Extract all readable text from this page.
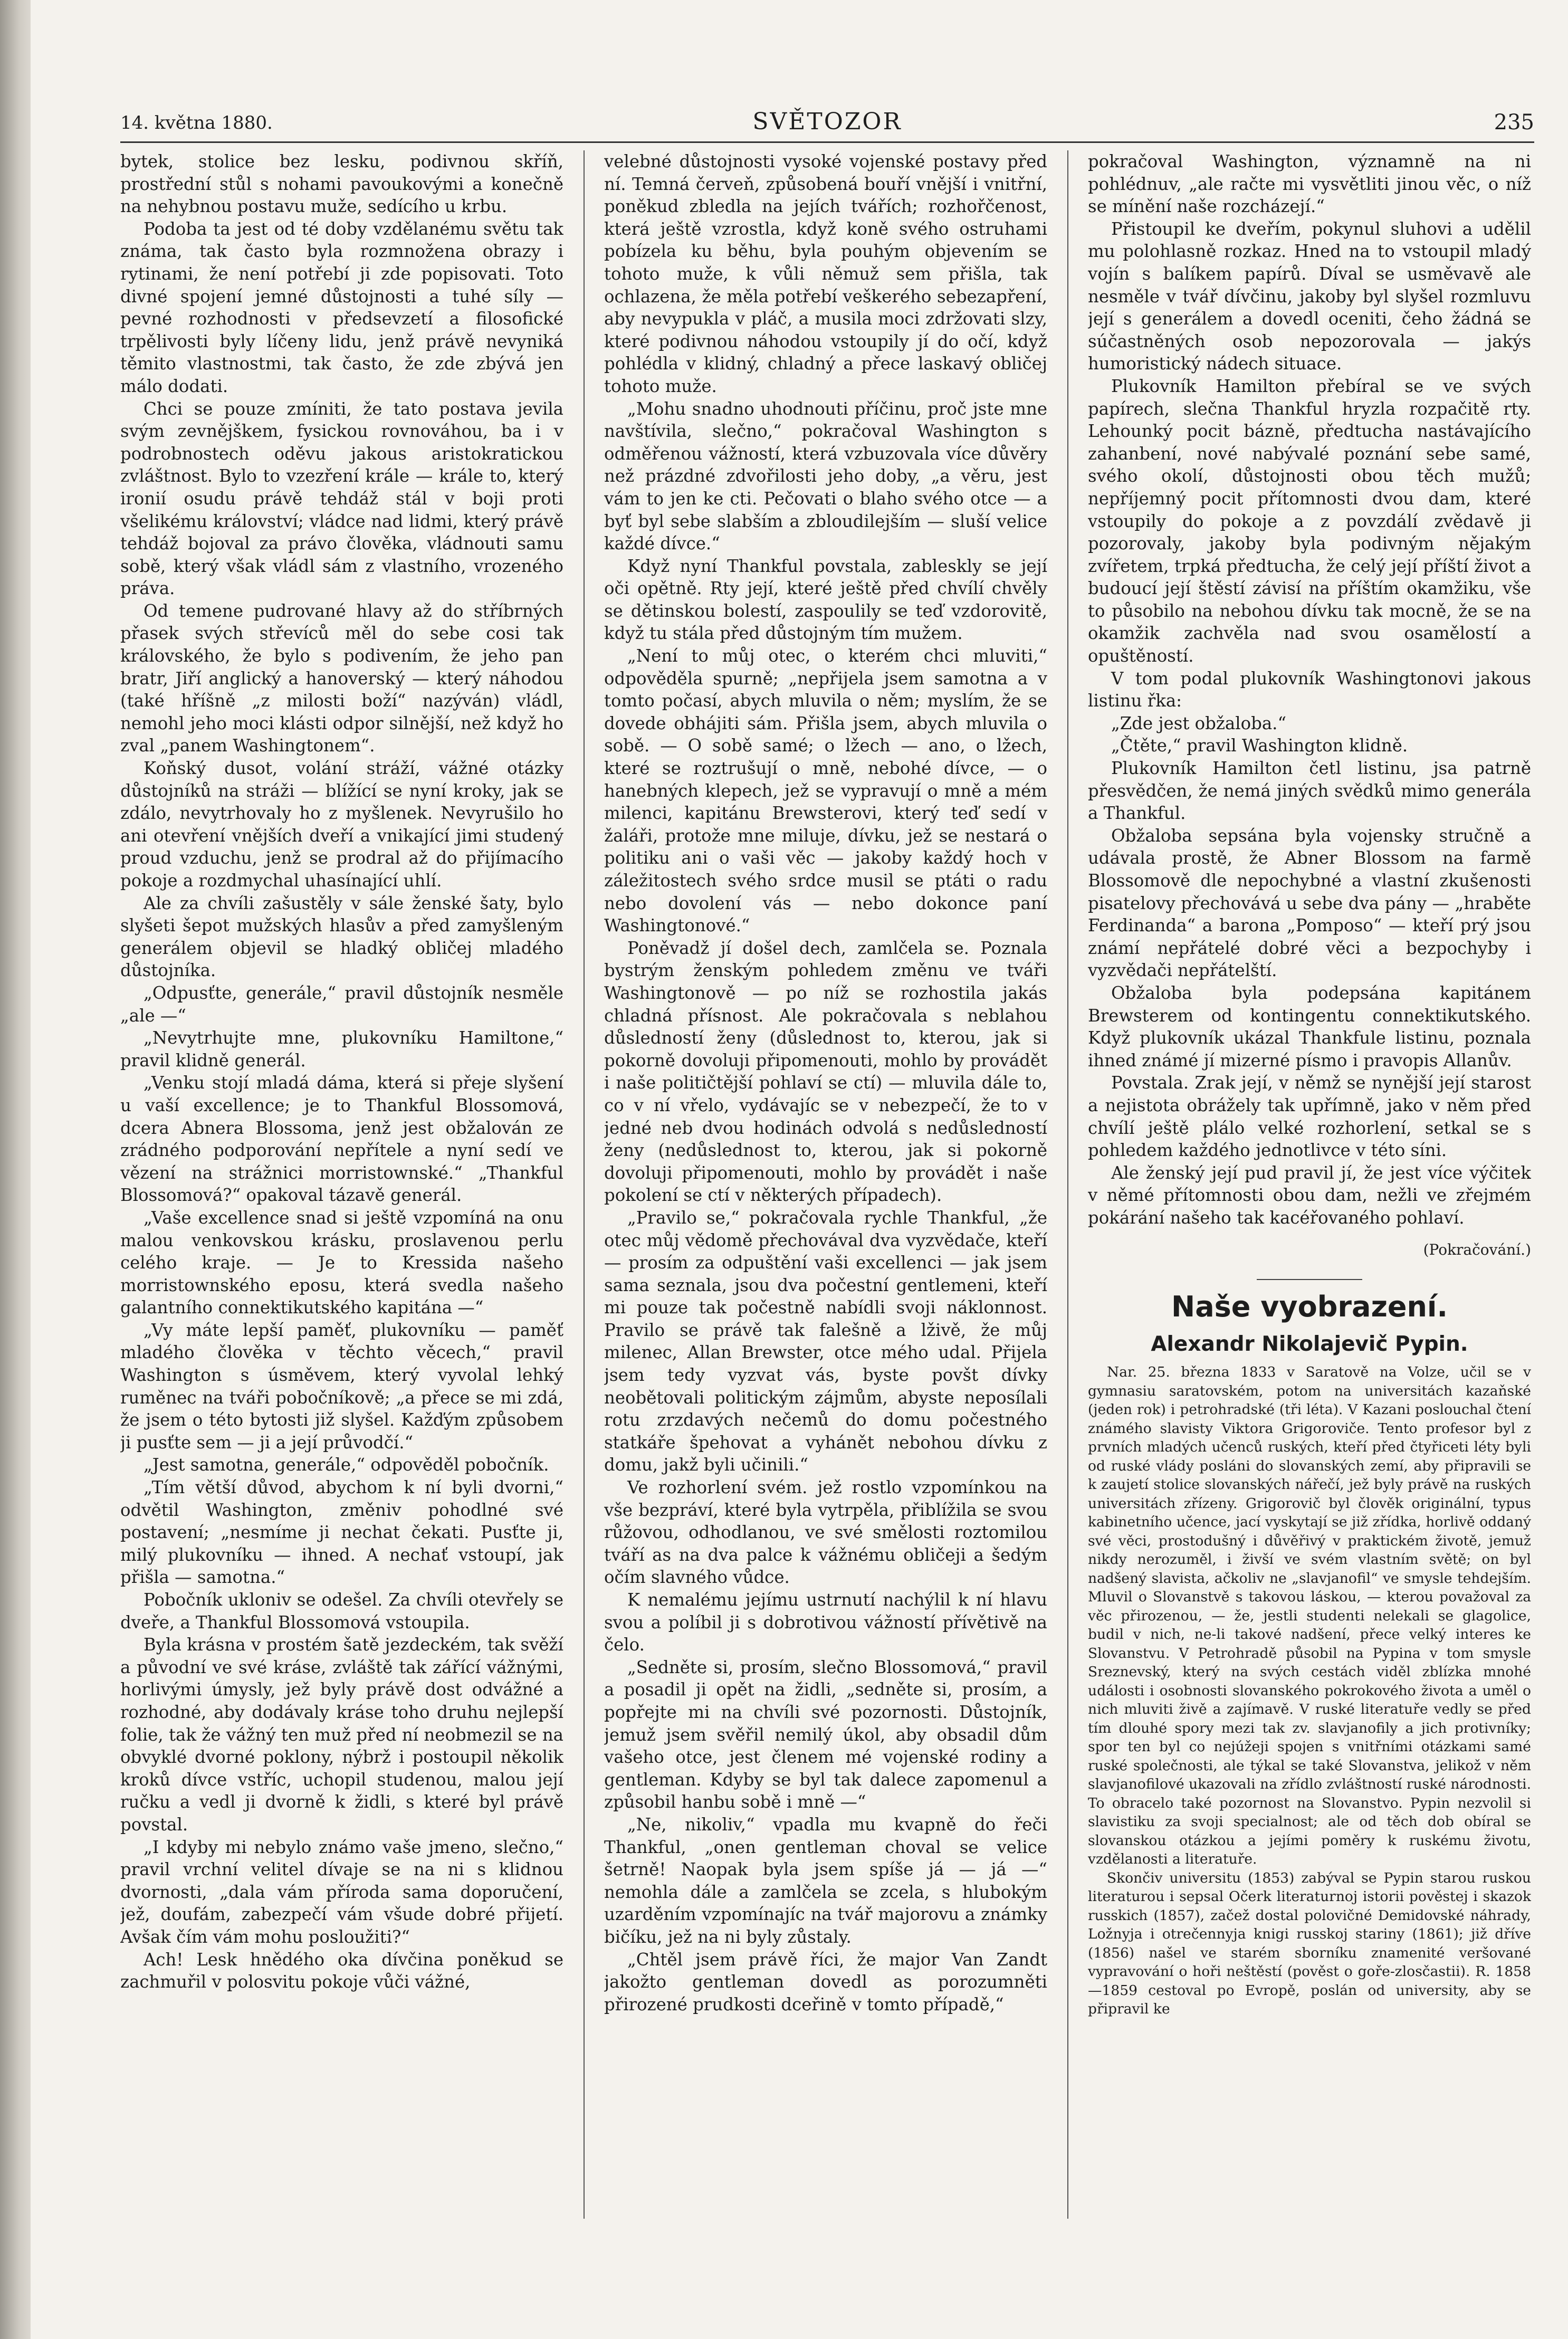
14. května 1880.	SVĚTOZOR	235

bytek, stolice bez lesku, podivnou skříň, prostřední stůl s nohami pavoukovými a konečně na nehybnou postavu muže, sedícího u krbu.

Podoba ta jest od té doby vzdělanému světu tak známa, tak často byla rozmnožena obrazy i rytinami, že není potřebí ji zde popisovati. Toto divné spojení jemné důstojnosti a tuhé síly — pevné rozhodnosti v předsevzetí a filosofické trpělivosti byly líčeny lidu, jenž právě nevyniká těmito vlastnostmi, tak často, že zde zbývá jen málo dodati.

Chci se pouze zmíniti, že tato postava jevila svým zevnějškem, fysickou rovnováhou, ba i v podrobnostech oděvu jakous aristokratickou zvláštnost. Bylo to vzezření krále — krále to, který ironií osudu právě tehdáž stál v boji proti všelikému království; vládce nad lidmi, který právě tehdáž bojoval za právo člověka, vládnouti samu sobě, který však vládl sám z vlastního, vrozeného práva.

Od temene pudrované hlavy až do stříbrných přasek svých střevíců měl do sebe cosi tak královského, že bylo s podivením, že jeho pan bratr, Jiří anglický a hanoverský — který náhodou (také hříšně „z milosti boží“ nazýván) vládl, nemohl jeho moci klásti odpor silnější, než když ho zval „panem Washingtonem“.

Koňský dusot, volání stráží, vážné otázky důstojníků na stráži — blížící se nyní kroky, jak se zdálo, nevytrhovaly ho z myšlenek. Nevyrušilo ho ani otevření vnějších dveří a vnikající jimi studený proud vzduchu, jenž se prodral až do přijímacího pokoje a rozdmychal uhasínající uhlí.

Ale za chvíli zašustěly v sále ženské šaty, bylo slyšeti šepot mužských hlasův a před zamyšleným generálem objevil se hladký obličej mladého důstojníka.

„Odpusťte, generále,“ pravil důstojník nesměle „ale —“

„Nevytrhujte mne, plukovníku Hamiltone,“ pravil klidně generál.

„Venku stojí mladá dáma, která si přeje slyšení u vaší excellence; je to Thankful Blossomová, dcera Abnera Blossoma, jenž jest obžalován ze zrádného podporování nepřítele a nyní sedí ve vězení na strážnici morristownské.“ „Thankful Blossomová?“ opakoval tázavě generál.

„Vaše excellence snad si ještě vzpomíná na onu malou venkovskou krásku, proslavenou perlu celého kraje. — Je to Kressida našeho morristownského eposu, která svedla našeho galantního connektikutského kapitána —“

„Vy máte lepší paměť, plukovníku — paměť mladého člověka v těchto věcech,“ pravil Washington s úsměvem, který vyvolal lehký ruměnec na tváři pobočníkově; „a přece se mi zdá, že jsem o této bytosti již slyšel. Kažďým způsobem ji pusťte sem — ji a její průvodčí.“

„Jest samotna, generále,“ odpověděl pobočník.

„Tím větší důvod, abychom k ní byli dvorni,“ odvětil Washington, změniv pohodlné své postavení; „nesmíme ji nechat čekati. Pusťte ji, milý plukovníku — ihned. A nechať vstoupí, jak přišla — samotna.“

Pobočník ukloniv se odešel. Za chvíli otevřely se dveře, a Thankful Blossomová vstoupila.

Byla krásna v prostém šatě jezdeckém, tak svěží a původní ve své kráse, zvláště tak zářící vážnými, horlivými úmysly, jež byly právě dost odvážné a rozhodné, aby dodávaly kráse toho druhu nejlepší folie, tak že vážný ten muž před ní neobmezil se na obvyklé dvorné poklony, nýbrž i postoupil několik kroků dívce vstříc, uchopil studenou, malou její ručku a vedl ji dvorně k židli, s které byl právě povstal.

„I kdyby mi nebylo známo vaše jmeno, slečno,“ pravil vrchní velitel dívaje se na ni s klidnou dvornosti, „dala vám příroda sama doporučení, jež, doufám, zabezpečí vám všude dobré přijetí. Avšak čím vám mohu posloužiti?“

Ach! Lesk hnědého oka dívčina poněkud se zachmuřil v polosvitu pokoje vůči vážné,

velebné důstojnosti vysoké vojenské postavy před ní. Temná červeň, způsobená bouří vnější i vnitřní, poněkud zbledla na jejích tvářích; rozhořčenost, která ještě vzrostla, když koně svého ostruhami pobízela ku běhu, byla pouhým objevením se tohoto muže, k vůli němuž sem přišla, tak ochlazena, že měla potřebí veškerého sebezapření, aby nevypukla v pláč, a musila moci zdržovati slzy, které podivnou náhodou vstoupily jí do očí, když pohlédla v klidný, chladný a přece laskavý obličej tohoto muže.

„Mohu snadno uhodnouti příčinu, proč jste mne navštívila, slečno,“ pokračoval Washington s odměřenou vážností, která vzbuzovala více důvěry než prázdné zdvořilosti jeho doby, „a věru, jest vám to jen ke cti. Pečovati o blaho svého otce — a byť byl sebe slabším a zbloudilejším — sluší velice každé dívce.“

Když nyní Thankful povstala, zableskly se její oči opětně. Rty její, které ještě před chvílí chvěly se dětinskou bolestí, zaspoulily se teď vzdorovitě, když tu stála před důstojným tím mužem.

„Není to můj otec, o kterém chci mluviti,“ odpověděla spurně; „nepřijela jsem samotna a v tomto počasí, abych mluvila o něm; myslím, že se dovede obhájiti sám. Přišla jsem, abych mluvila o sobě. — O sobě samé; o lžech — ano, o lžech, které se roztrušují o mně, nebohé dívce, — o hanebných klepech, jež se vypravují o mně a mém milenci, kapitánu Brewsterovi, který teď sedí v žaláři, protože mne miluje, dívku, jež se nestará o politiku ani o vaši věc — jakoby každý hoch v záležitostech svého srdce musil se ptáti o radu nebo dovolení vás — nebo dokonce paní Washingtonové.“

Poněvadž jí došel dech, zamlčela se. Poznala bystrým ženským pohledem změnu ve tváři Washingtonově — po níž se rozhostila jakás chladná přísnost. Ale pokračovala s neblahou důsledností ženy (důslednost to, kterou, jak si pokorně dovoluji připomenouti, mohlo by provádět i naše političtější pohlaví se ctí) — mluvila dále to, co v ní vřelo, vydávajíc se v nebezpečí, že to v jedné neb dvou hodinách odvolá s nedůsledností ženy (nedůslednost to, kterou, jak si pokorně dovoluji připomenouti, mohlo by provádět i naše pokolení se ctí v některých případech).

„Pravilo se,“ pokračovala rychle Thankful, „že otec můj vědomě přechovával dva vyzvědače, kteří — prosím za odpuštění vaši excellenci — jak jsem sama seznala, jsou dva počestní gentlemeni, kteří mi pouze tak počestně nabídli svoji náklonnost. Pravilo se právě tak falešně a lživě, že můj milenec, Allan Brewster, otce mého udal. Přijela jsem tedy vyzvat vás, byste povšt dívky neobětovali politickým zájmům, abyste neposílali rotu zrzdavých nečemů do domu počestného statkáře špehovat a vyhánět nebohou dívku z domu, jakž byli učinili.“

Ve rozhorlení svém. jež rostlo vzpomínkou na vše bezpráví, které byla vytrpěla, přiblížila se svou růžovou, odhodlanou, ve své smělosti roztomilou tváří as na dva palce k vážnému obličeji a šedým očím slavného vůdce.

K nemalému jejímu ustrnutí nachýlil k ní hlavu svou a políbil ji s dobrotivou vážností přívětivě na čelo.

„Sedněte si, prosím, slečno Blossomová,“ pravil a posadil ji opět na židli, „sedněte si, prosím, a popřejte mi na chvíli své pozornosti. Důstojník, jemuž jsem svěřil nemilý úkol, aby obsadil dům vašeho otce, jest členem mé vojenské rodiny a gentleman. Kdyby se byl tak dalece zapomenul a způsobil hanbu sobě i mně —“

„Ne, nikoliv,“ vpadla mu kvapně do řeči Thankful, „onen gentleman choval se velice šetrně! Naopak byla jsem spíše já — já —“ nemohla dále a zamlčela se zcela, s hlubokým uzarděním vzpomínajíc na tvář majorovu a známky bičíku, jež na ni byly zůstaly.

„Chtěl jsem právě říci, že major Van Zandt jakožto gentleman dovedl as porozumněti přirozené prudkosti dceřině v tomto případě,“

pokračoval Washington, významně na ni pohlédnuv, „ale račte mi vysvětliti jinou věc, o níž se mínění naše rozcházejí.“

Přistoupil ke dveřím, pokynul sluhovi a udělil mu polohlasně rozkaz. Hned na to vstoupil mladý vojín s balíkem papírů. Díval se usměvavě ale nesměle v tvář dívčinu, jakoby byl slyšel rozmluvu její s generálem a dovedl oceniti, čeho žádná se súčastněných osob nepozorovala — jakýs humoristický nádech situace.

Plukovník Hamilton přebíral se ve svých papírech, slečna Thankful hryzla rozpačitě rty. Lehounký pocit bázně, předtucha nastávajícího zahanbení, nové nabývalé poznání sebe samé, svého okolí, důstojnosti obou těch mužů; nepříjemný pocit přítomnosti dvou dam, které vstoupily do pokoje a z povzdálí zvědavě ji pozorovaly, jakoby byla podivným nějakým zvířetem, trpká předtucha, že celý její příští život a budoucí její štěstí závisí na příštím okamžiku, vše to působilo na nebohou dívku tak mocně, že se na okamžik zachvěla nad svou osamělostí a opuštěností.

V tom podal plukovník Washingtonovi jakous listinu řka:

„Zde jest obžaloba.“

„Čtěte,“ pravil Washington klidně.

Plukovník Hamilton četl listinu, jsa patrně přesvědčen, že nemá jiných svědků mimo generála a Thankful.

Obžaloba sepsána byla vojensky stručně a udávala prostě, že Abner Blossom na farmě Blossomově dle nepochybné a vlastní zkušenosti pisatelovy přechovává u sebe dva pány — „hraběte Ferdinanda“ a barona „Pomposo“ — kteří prý jsou známí nepřátelé dobré věci a bezpochyby i vyzvědači nepřátelští.

Obžaloba byla podepsána kapitánem Brewsterem od kontingentu connektikutského. Když plukovník ukázal Thankfule listinu, poznala ihned známé jí mizerné písmo i pravopis Allanův.

Povstala. Zrak její, v němž se nynější její starost a nejistota obrážely tak upřímně, jako v něm před chvílí ještě plálo velké rozhorlení, setkal se s pohledem každého jednotlivce v této síni.

Ale ženský její pud pravil jí, že jest více výčitek v němé přítomnosti obou dam, nežli ve zřejmém pokárání našeho tak kacéřovaného pohlaví.

(Pokračování.)

Naše vyobrazení.

Alexandr Nikolajevič Pypin.

Nar. 25. března 1833 v Saratově na Volze, učil se v gymnasiu saratovském, potom na universitách kazaňské (jeden rok) i petrohradské (tři léta). V Kazani poslouchal čtení známého slavisty Viktora Grigoroviče. Tento profesor byl z prvních mladých učenců ruských, kteří před čtyřiceti léty byli od ruské vlády posláni do slovanských zemí, aby připravili se k zaujetí stolice slovanských nářečí, jež byly právě na ruských universitách zřízeny. Grigorovič byl člověk originální, typus kabinetního učence, jací vyskytají se již zřídka, horlivě oddaný své věci, prostodušný i důvěřivý v praktickém životě, jemuž nikdy nerozuměl, i živší ve svém vlastním světě; on byl nadšený slavista, ačkoliv ne „slavjanofil“ ve smysle tehdejším. Mluvil o Slovanstvě s takovou láskou, — kterou považoval za věc přirozenou, — že, jestli studenti nelekali se glagolice, budil v nich, ne-li takové nadšení, přece velký interes ke Slovanstvu. V Petrohradě působil na Pypina v tom smysle Sreznevský, který na svých cestách viděl zblízka mnohé události i osobnosti slovanského pokrokového života a uměl o nich mluviti živě a zajímavě. V ruské literatuře vedly se před tím dlouhé spory mezi tak zv. slavjanofily a jich protivníky; spor ten byl co nejúžeji spojen s vnitřními otázkami samé ruské společnosti, ale týkal se také Slovanstva, jelikož v něm slavjanofilové ukazovali na zřídlo zvláštností ruské národnosti. To obracelo také pozornost na Slovanstvo. Pypin nezvolil si slavistiku za svoji specialnost; ale od těch dob obíral se slovanskou otázkou a jejími poměry k ruskému životu, vzdělanosti a literatuře.

Skončiv universitu (1853) zabýval se Pypin starou ruskou literaturou i sepsal Očerk literaturnoj istorii pověstej i skazok russkich (1857), začež dostal polovičné Demidovské náhrady, Ložnyja i otrečennyja knigi russkoj stariny (1861); již dříve (1856) našel ve starém sborníku znamenité veršované vypravování o hoři neštěstí (pověst o goře-zlosčastii). R. 1858—1859 cestoval po Evropě, poslán od university, aby se připravil ke
